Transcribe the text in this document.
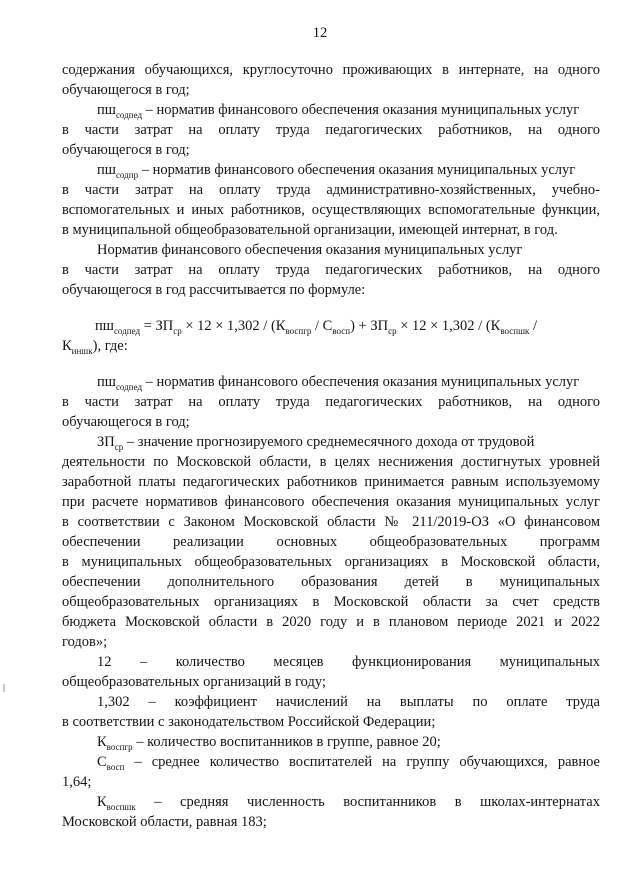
12
содержания обучающихся, круглосуточно проживающих в интернате, на одного
обучающегося в год;
$пш_{содпед}$ – норматив финансового обеспечения оказания муниципальных услуг
в части затрат на оплату труда педагогических работников, на одного
обучающегося в год;
$пш_{содпр}$ – норматив финансового обеспечения оказания муниципальных услуг
в части затрат на оплату труда административно-хозяйственных, учебно-
вспомогательных и иных работников, осуществляющих вспомогательные функции,
в муниципальной общеобразовательной организации, имеющей интернат, в год.
Норматив финансового обеспечения оказания муниципальных услуг
в части затрат на оплату труда педагогических работников, на одного
обучающегося в год рассчитывается по формуле:
$пш_{содпед} = ЗП_{ср} \times 12 \times 1,302 / (К_{воспгр} / С_{восп}) + ЗП_{ср} \times 12 \times 1,302 / (К_{воспшк}$ /
$К_{иншк}$), где:
$пш_{содпед}$ – норматив финансового обеспечения оказания муниципальных услуг
в части затрат на оплату труда педагогических работников, на одного
обучающегося в год;
$ЗП_{ср}$ – значение прогнозируемого среднемесячного дохода от трудовой
деятельности по Московской области, в целях неснижения достигнутых уровней
заработной платы педагогических работников принимается равным используемому
при расчете нормативов финансового обеспечения оказания муниципальных услуг
в соответствии с Законом Московской области № 211/2019-ОЗ «О финансовом
обеспечении реализации основных общеобразовательных программ
в муниципальных общеобразовательных организациях в Московской области,
обеспечении дополнительного образования детей в муниципальных
общеобразовательных организациях в Московской области за счет средств
бюджета Московской области в 2020 году и в плановом периоде 2021 и 2022
годов»;
12 – количество месяцев функционирования муниципальных
общеобразовательных организаций в году;
1,302 – коэффициент начислений на выплаты по оплате труда
в соответствии с законодательством Российской Федерации;
$К_{воспгр}$ – количество воспитанников в группе, равное 20;
$С_{восп}$ – среднее количество воспитателей на группу обучающихся, равное
1,64;
$К_{воспшк}$ – средняя численность воспитанников в школах-интернатах
Московской области, равная 183;
